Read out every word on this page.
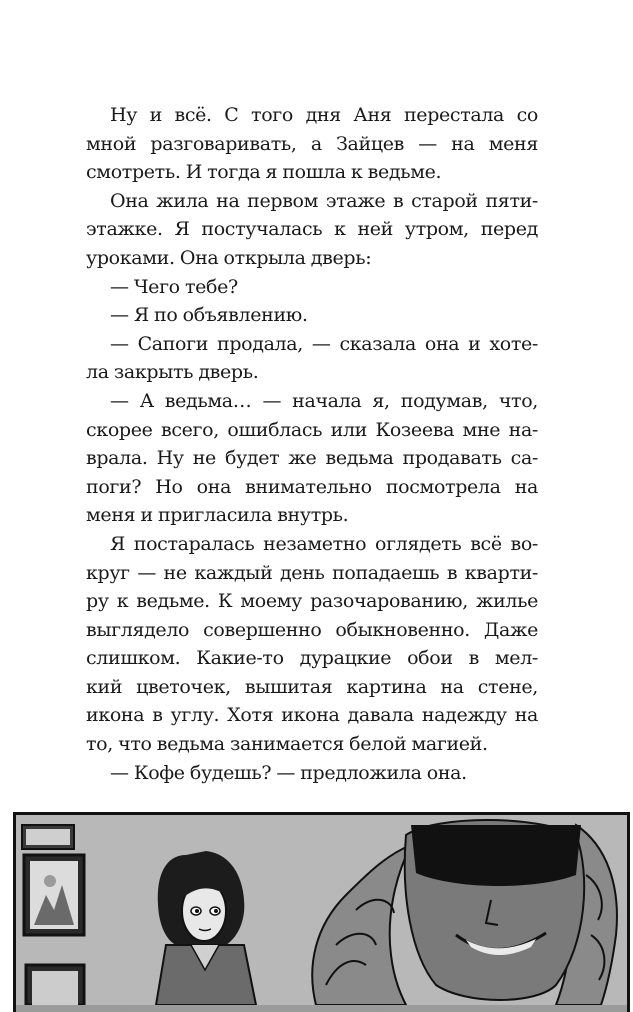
Ну и всё. С того дня Аня перестала со
мной разговаривать, а Зайцев — на меня
смотреть. И тогда я пошла к ведьме.
Она жила на первом этаже в старой пяти-
этажке. Я постучалась к ней утром, перед
уроками. Она открыла дверь:
— Чего тебе?
— Я по объявлению.
— Сапоги продала, — сказала она и хоте-
ла закрыть дверь.
— А ведьма… — начала я, подумав, что,
скорее всего, ошиблась или Козеева мне на-
врала. Ну не будет же ведьма продавать са-
поги? Но она внимательно посмотрела на
меня и пригласила внутрь.
Я постаралась незаметно оглядеть всё во-
круг — не каждый день попадаешь в кварти-
ру к ведьме. К моему разочарованию, жилье
выглядело совершенно обыкновенно. Даже
слишком. Какие-то дурацкие обои в мел-
кий цветочек, вышитая картина на стене,
икона в углу. Хотя икона давала надежду на
то, что ведьма занимается белой магией.
— Кофе будешь? — предложила она.
